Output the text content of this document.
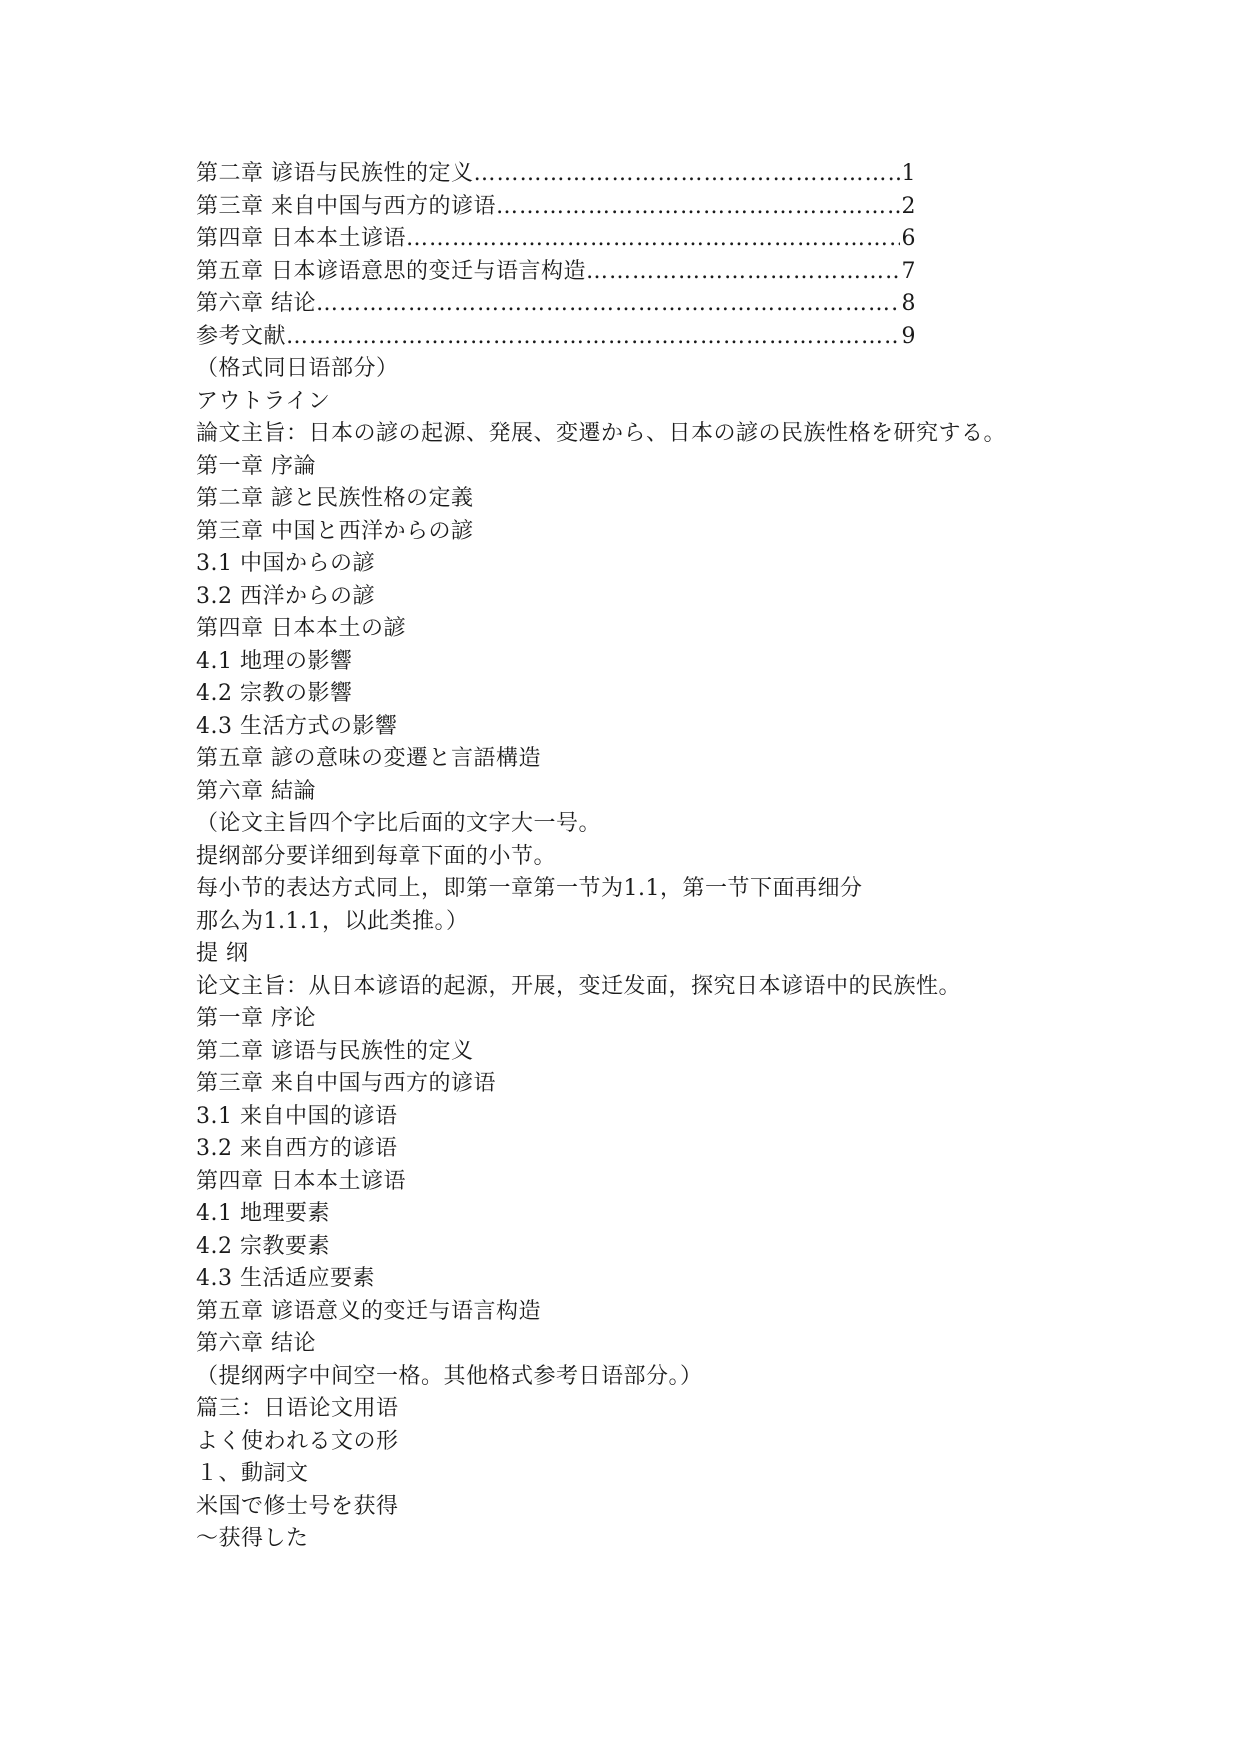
第二章 谚语与民族性的定义 …………………………………………………………………………………………………………………………	1
第三章 来自中国与西方的谚语 …………………………………………………………………………………………………………………………	2
第四章 日本本土谚语 …………………………………………………………………………………………………………………………	6
第五章 日本谚语意思的变迁与语言构造 …………………………………………………………………………………………………………………………	7
第六章 结论 …………………………………………………………………………………………………………………………	8
参考文献 …………………………………………………………………………………………………………………………	9
（格式同日语部分）
アウトライン
論文主旨：日本の諺の起源、発展、変遷から、日本の諺の民族性格を研究する。
第一章 序論
第二章 諺と民族性格の定義
第三章 中国と西洋からの諺
3.1 中国からの諺
3.2 西洋からの諺
第四章 日本本土の諺
4.1 地理の影響
4.2 宗教の影響
4.3 生活方式の影響
第五章 諺の意味の変遷と言語構造
第六章 結論
（论文主旨四个字比后面的文字大一号。
提纲部分要详细到每章下面的小节。
每小节的表达方式同上，即第一章第一节为1.1，第一节下面再细分
那么为1.1.1，以此类推。）
提 纲
论文主旨：从日本谚语的起源，开展，变迁发面，探究日本谚语中的民族性。
第一章 序论
第二章 谚语与民族性的定义
第三章 来自中国与西方的谚语
3.1 来自中国的谚语
3.2 来自西方的谚语
第四章 日本本土谚语
4.1 地理要素
4.2 宗教要素
4.3 生活适应要素
第五章 谚语意义的变迁与语言构造
第六章 结论
（提纲两字中间空一格。其他格式参考日语部分。）
篇三：日语论文用语
よく使われる文の形
１、動詞文
米国で修士号を获得
～获得した
